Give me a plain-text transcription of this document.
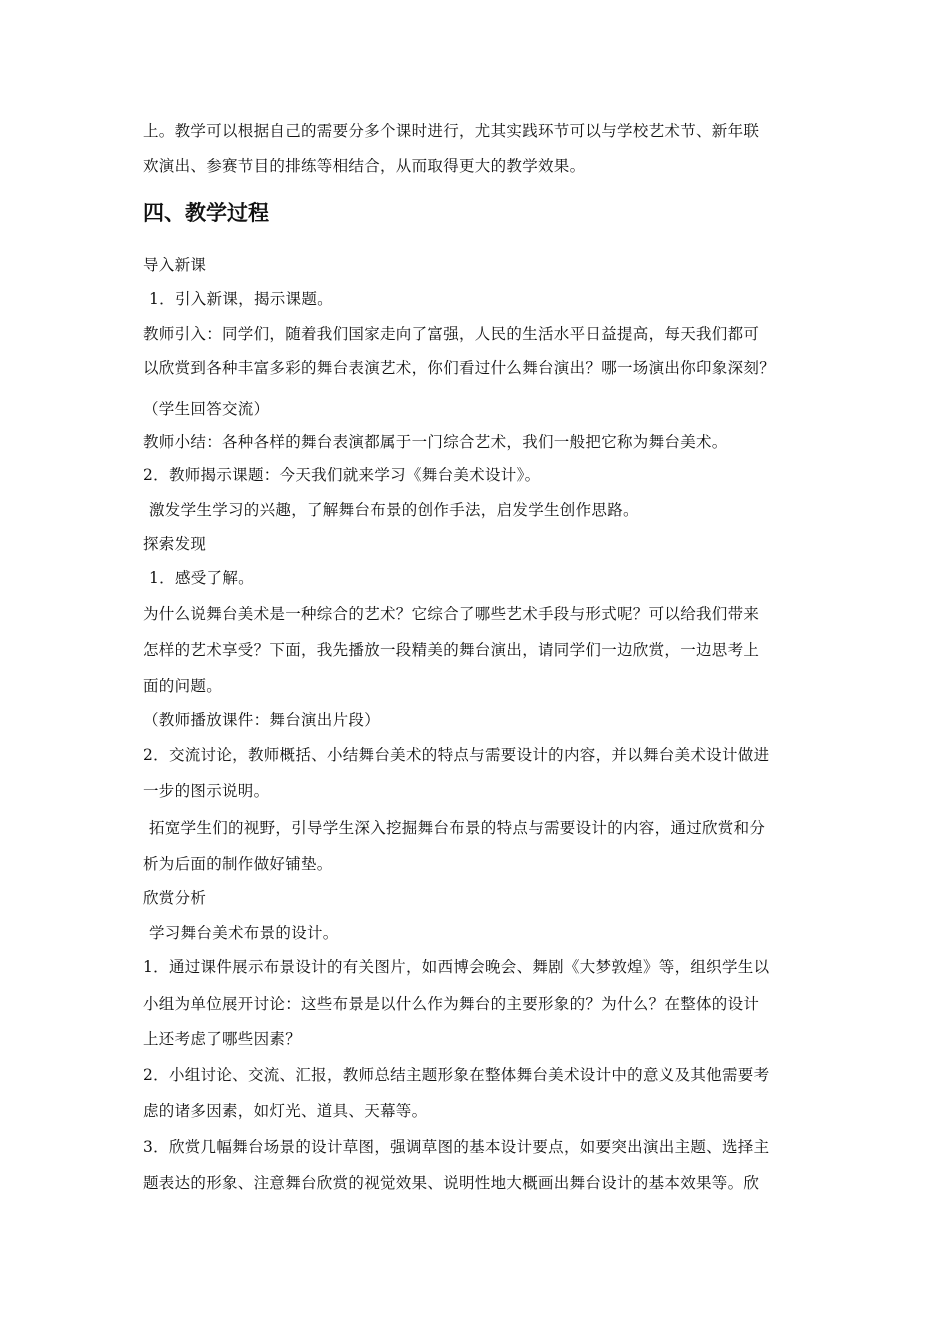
上。教学可以根据自己的需要分多个课时进行，尤其实践环节可以与学校艺术节、新年联
欢演出、参赛节目的排练等相结合，从而取得更大的教学效果。
四、教学过程
导入新课
1．引入新课，揭示课题。
教师引入：同学们，随着我们国家走向了富强，人民的生活水平日益提高，每天我们都可
以欣赏到各种丰富多彩的舞台表演艺术，你们看过什么舞台演出？哪一场演出你印象深刻？
（学生回答交流）
教师小结：各种各样的舞台表演都属于一门综合艺术，我们一般把它称为舞台美术。
2．教师揭示课题：今天我们就来学习《舞台美术设计》。
激发学生学习的兴趣，了解舞台布景的创作手法，启发学生创作思路。
探索发现
1．感受了解。
为什么说舞台美术是一种综合的艺术？它综合了哪些艺术手段与形式呢？可以给我们带来
怎样的艺术享受？下面，我先播放一段精美的舞台演出，请同学们一边欣赏，一边思考上
面的问题。
（教师播放课件：舞台演出片段）
2．交流讨论，教师概括、小结舞台美术的特点与需要设计的内容，并以舞台美术设计做进
一步的图示说明。
拓宽学生们的视野，引导学生深入挖掘舞台布景的特点与需要设计的内容，通过欣赏和分
析为后面的制作做好铺垫。
欣赏分析
学习舞台美术布景的设计。
1．通过课件展示布景设计的有关图片，如西博会晚会、舞剧《大梦敦煌》等，组织学生以
小组为单位展开讨论：这些布景是以什么作为舞台的主要形象的？为什么？在整体的设计
上还考虑了哪些因素？
2．小组讨论、交流、汇报，教师总结主题形象在整体舞台美术设计中的意义及其他需要考
虑的诸多因素，如灯光、道具、天幕等。
3．欣赏几幅舞台场景的设计草图，强调草图的基本设计要点，如要突出演出主题、选择主
题表达的形象、注意舞台欣赏的视觉效果、说明性地大概画出舞台设计的基本效果等。欣
